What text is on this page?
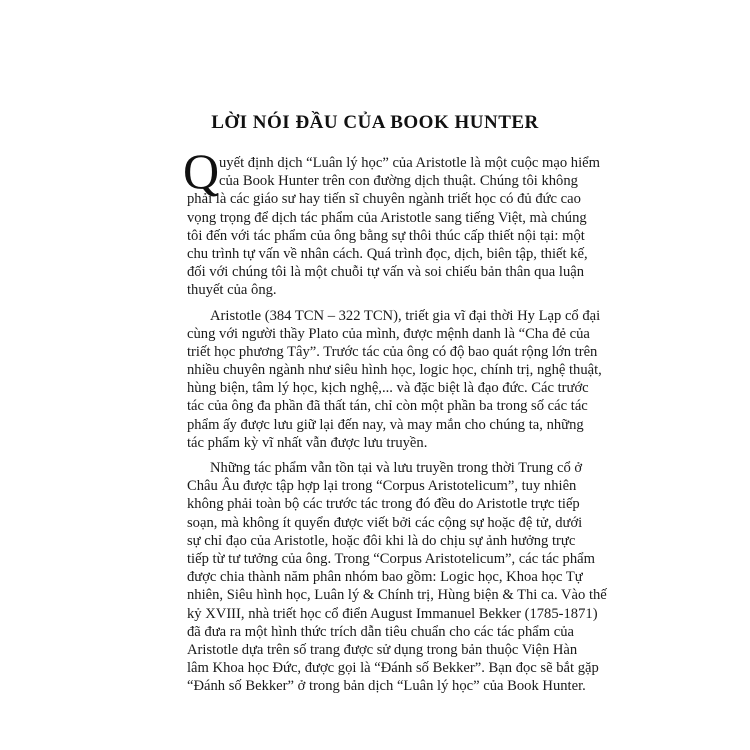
LỜI NÓI ĐẦU CỦA BOOK HUNTER
Q uyết định dịch “Luân lý học” của Aristotle là một cuộc mạo hiểm
của Book Hunter trên con đường dịch thuật. Chúng tôi không
phải là các giáo sư hay tiến sĩ chuyên ngành triết học có đủ đức cao
vọng trọng để dịch tác phẩm của Aristotle sang tiếng Việt, mà chúng
tôi đến với tác phẩm của ông bằng sự thôi thúc cấp thiết nội tại: một
chu trình tự vấn về nhân cách. Quá trình đọc, dịch, biên tập, thiết kế,
đối với chúng tôi là một chuỗi tự vấn và soi chiếu bản thân qua luận
thuyết của ông.
Aristotle (384 TCN – 322 TCN), triết gia vĩ đại thời Hy Lạp cổ đại
cùng với người thầy Plato của mình, được mệnh danh là “Cha đẻ của
triết học phương Tây”. Trước tác của ông có độ bao quát rộng lớn trên
nhiều chuyên ngành như siêu hình học, logic học, chính trị, nghệ thuật,
hùng biện, tâm lý học, kịch nghệ,... và đặc biệt là đạo đức. Các trước
tác của ông đa phần đã thất tán, chỉ còn một phần ba trong số các tác
phẩm ấy được lưu giữ lại đến nay, và may mắn cho chúng ta, những
tác phẩm kỳ vĩ nhất vẫn được lưu truyền.
Những tác phẩm vẫn tồn tại và lưu truyền trong thời Trung cổ ở
Châu Âu được tập hợp lại trong “Corpus Aristotelicum”, tuy nhiên
không phải toàn bộ các trước tác trong đó đều do Aristotle trực tiếp
soạn, mà không ít quyển được viết bởi các cộng sự hoặc đệ tử, dưới
sự chỉ đạo của Aristotle, hoặc đôi khi là do chịu sự ảnh hưởng trực
tiếp từ tư tưởng của ông. Trong “Corpus Aristotelicum”, các tác phẩm
được chia thành năm phân nhóm bao gồm: Logic học, Khoa học Tự
nhiên, Siêu hình học, Luân lý & Chính trị, Hùng biện & Thi ca. Vào thế
kỷ XVIII, nhà triết học cổ điển August Immanuel Bekker (1785-1871)
đã đưa ra một hình thức trích dẫn tiêu chuẩn cho các tác phẩm của
Aristotle dựa trên số trang được sử dụng trong bản thuộc Viện Hàn
lâm Khoa học Đức, được gọi là “Đánh số Bekker”. Bạn đọc sẽ bắt gặp
“Đánh số Bekker” ở trong bản dịch “Luân lý học” của Book Hunter.
